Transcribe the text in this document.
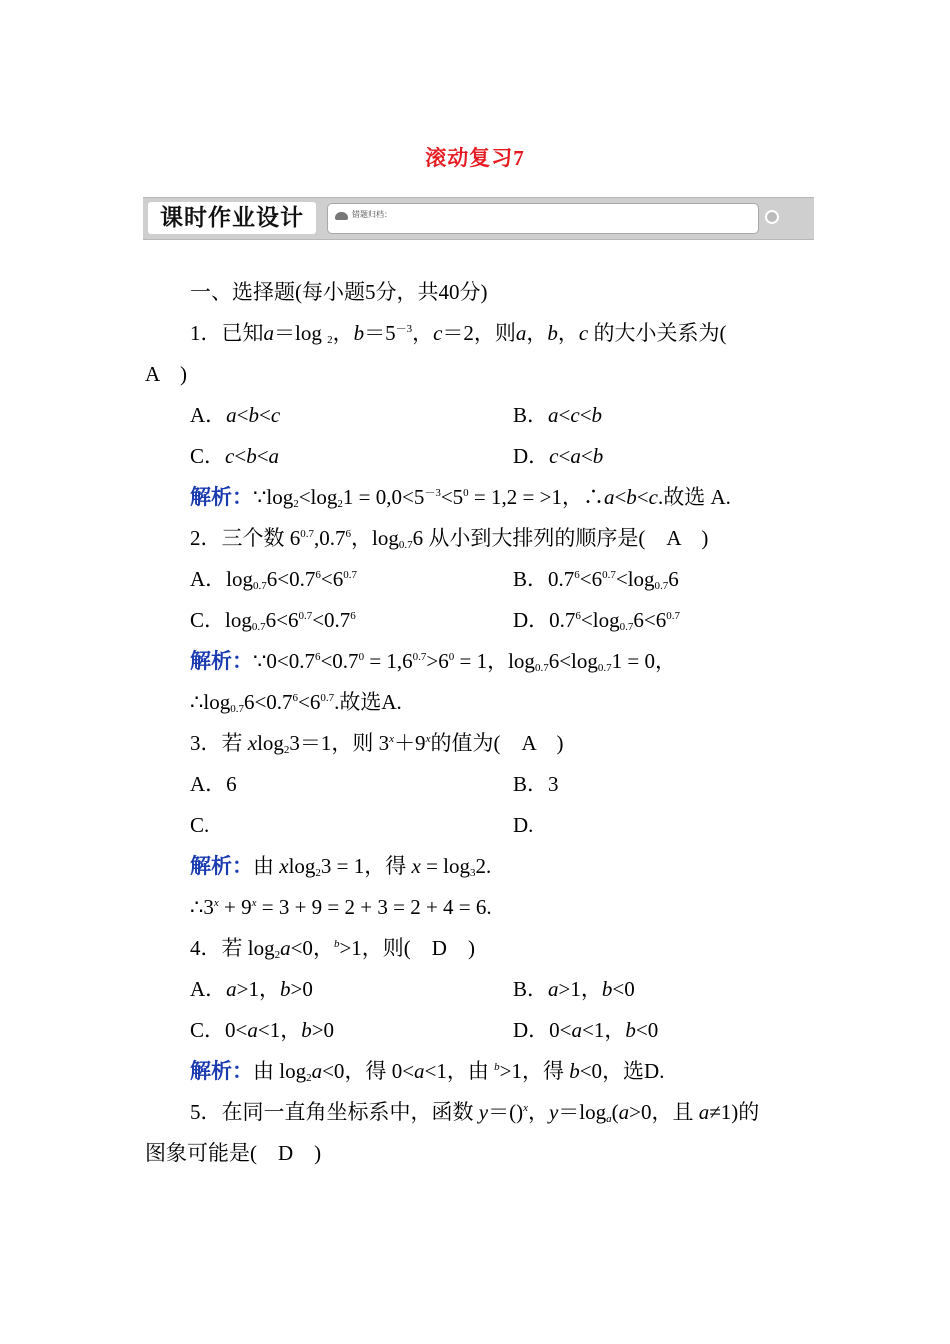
滚动复习7
课时作业设计	错题归档：
一、选择题(每小题5分，共40分)
1．已知a＝log $_2$，$b=5^{-3}$，c＝2，则a，b，c 的大小关系为(
A　)
A．a<b<c	B．a<c<b
C．c<b<a	D．c<a<b
解析：$\because\log_2<\log_21 = 0,0<5^{-3}<5^0 = 1,2 = >1$，∴a<b<c.故选 A.
2．三个数 $6^{0.7},0.7^6$，$\log_{0.7}6$ 从小到大排列的顺序是(　A　)
A．$\log_{0.7}6<0.7^6<6^{0.7}$	B．$0.7^6<6^{0.7}<\log_{0.7}6$
C．$\log_{0.7}6<6^{0.7}<0.7^6$	D．$0.7^6<\log_{0.7}6<6^{0.7}$
解析：$\because 0<0.7^6<0.7^0 = 1,6^{0.7}>6^0 = 1$，$\log_{0.7}6<\log_{0.7}1 = 0$，
$\therefore\log_{0.7}6<0.7^6<6^{0.7}$.故选A.
3．若 xlog$_2$3＝1，则 $3^x+9^x$的值为(　A　)
A．6	B．3
C.	D.
解析：由 xlog$_2$3 = 1，得 $x = \log_32$.
$\therefore 3^x + 9^x = 3 + 9 = 2 + 3 = 2 + 4 = 6$.
4．若 $\log_2a<0$，$^b$>1，则(　D　)
A．a>1，b>0	B．a>1，b<0
C．0<a<1，b>0	D．0<a<1，b<0
解析：由 $\log_2a<0$，得 0<a<1，由 $^b$>1，得 b<0，选D.
5．在同一直角坐标系中，函数 y＝()$^x$，$y=\log_a(a>0$，且 a≠1)的
图象可能是(　D　)
